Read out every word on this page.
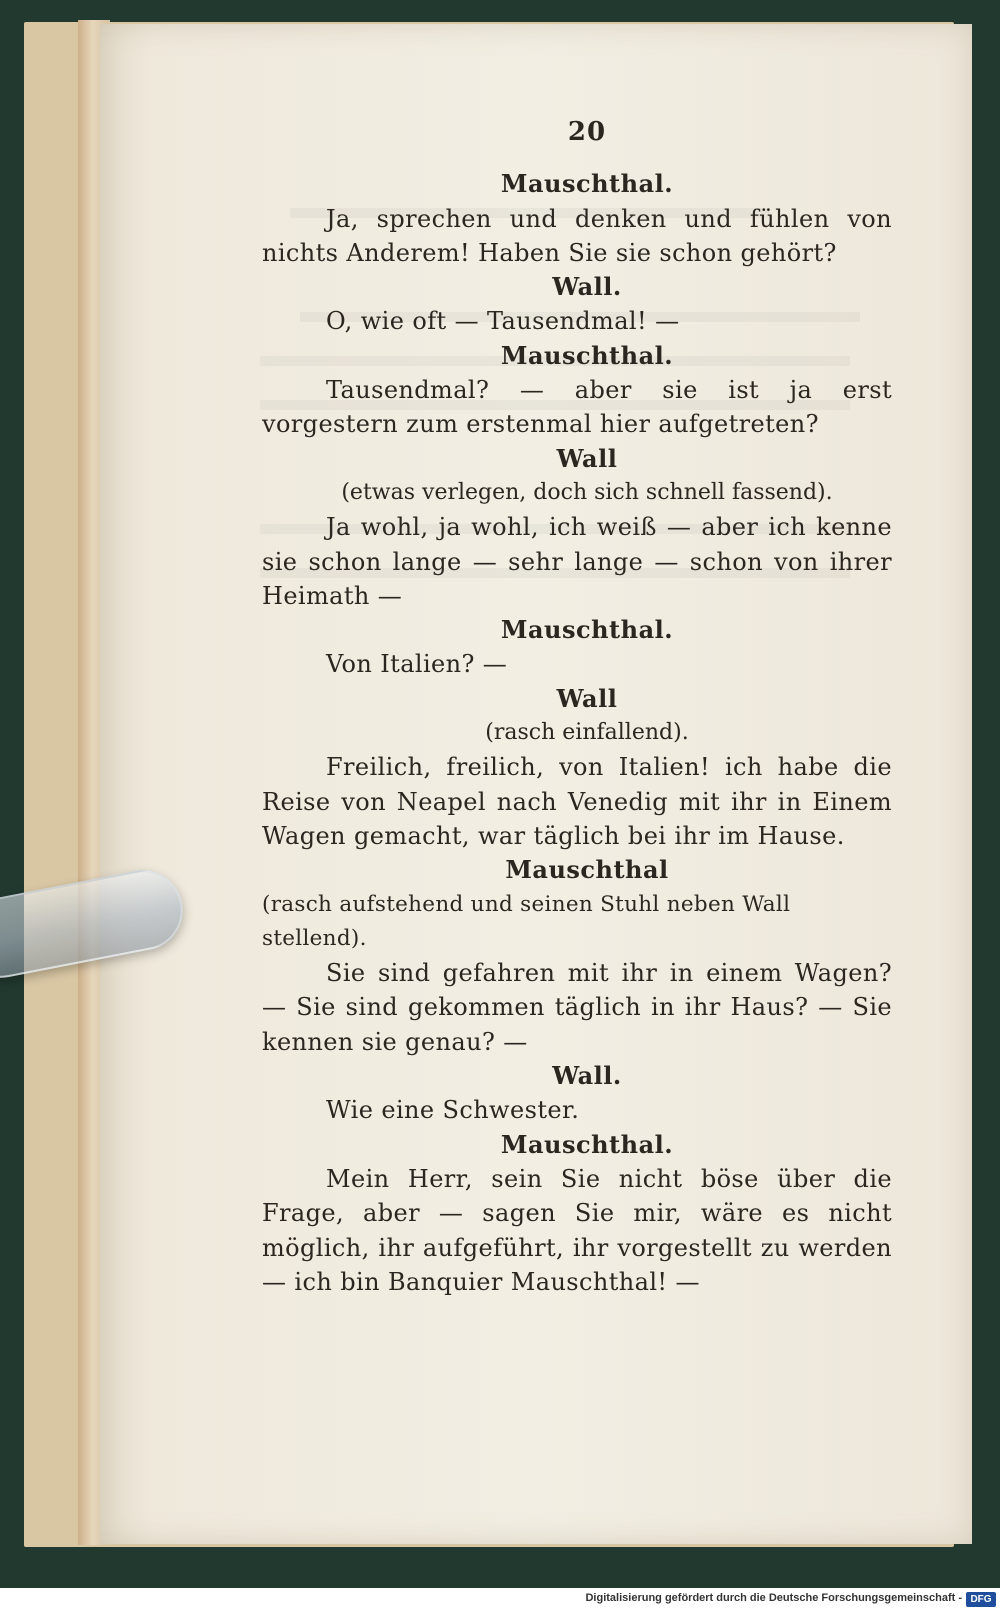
20
Mauschthal.
Ja, sprechen und denken und fühlen von nichts Anderem! Haben Sie sie schon gehört?
Wall.
O, wie oft — Tausendmal! —
Mauschthal.
Tausendmal? — aber sie ist ja erst vorgestern zum erstenmal hier aufgetreten?
Wall
(etwas verlegen, doch sich schnell fassend).
Ja wohl, ja wohl, ich weiß — aber ich kenne sie schon lange — sehr lange — schon von ihrer Heimath —
Mauschthal.
Von Italien? —
Wall
(rasch einfallend).
Freilich, freilich, von Italien! ich habe die Reise von Neapel nach Venedig mit ihr in Einem Wagen gemacht, war täglich bei ihr im Hause.
Mauschthal
(rasch aufstehend und seinen Stuhl neben Wall stellend).
Sie sind gefahren mit ihr in einem Wagen? — Sie sind gekommen täglich in ihr Haus? — Sie kennen sie genau? —
Wall.
Wie eine Schwester.
Mauschthal.
Mein Herr, sein Sie nicht böse über die Frage, aber — sagen Sie mir, wäre es nicht möglich, ihr aufgeführt, ihr vorgestellt zu werden — ich bin Banquier Mauschthal! —
Digitalisierung gefördert durch die Deutsche Forschungsgemeinschaft - DFG
